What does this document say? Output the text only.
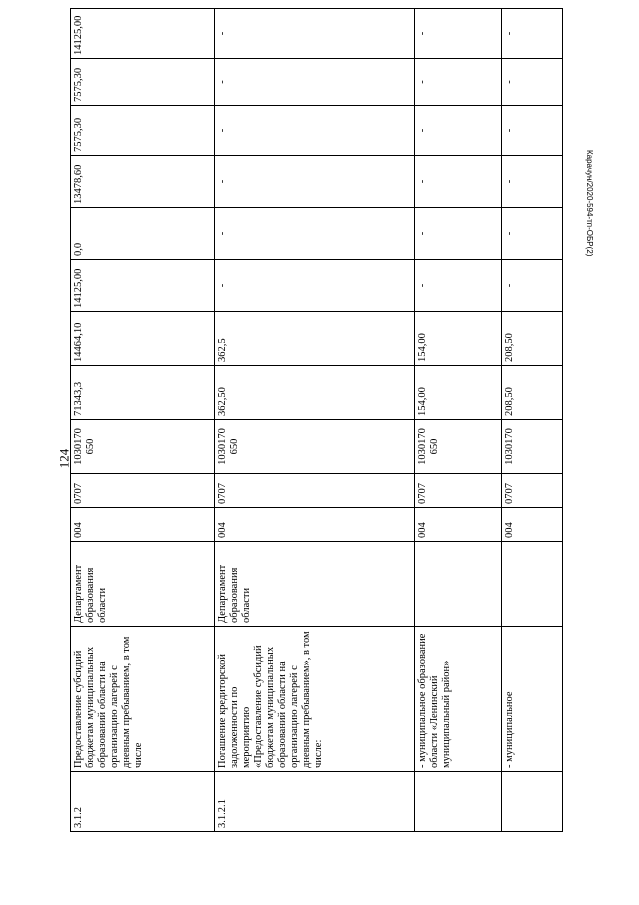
124
Карачун/2020-594-тп-ОБР(2)
3.1.2	Предоставление субсидий бюджетам муниципальных образований области на организацию лагерей с дневным пребыванием, в том числе	Департамент образования области	004	0707	1030170 650	71343,3	14464,10	14125,00	0,0	13478,60	7575,30	7575,30	14125,00
3.1.2.1	Погашение кредиторской задолженности по мероприятию «Предоставление субсидий бюджетам муниципальных образований области на организацию лагерей с дневным пребыванием», в том числе:	Департамент образования области	004	0707	1030170 650	362,50	362,5	-	-	-	-	-	-
	- муниципальное образование области «Ленинский муниципальный район»		004	0707	1030170 650	154,00	154,00	-	-	-	-	-	-
	- муниципальное		004	0707	1030170	208,50	208,50	-	-	-	-	-	-
